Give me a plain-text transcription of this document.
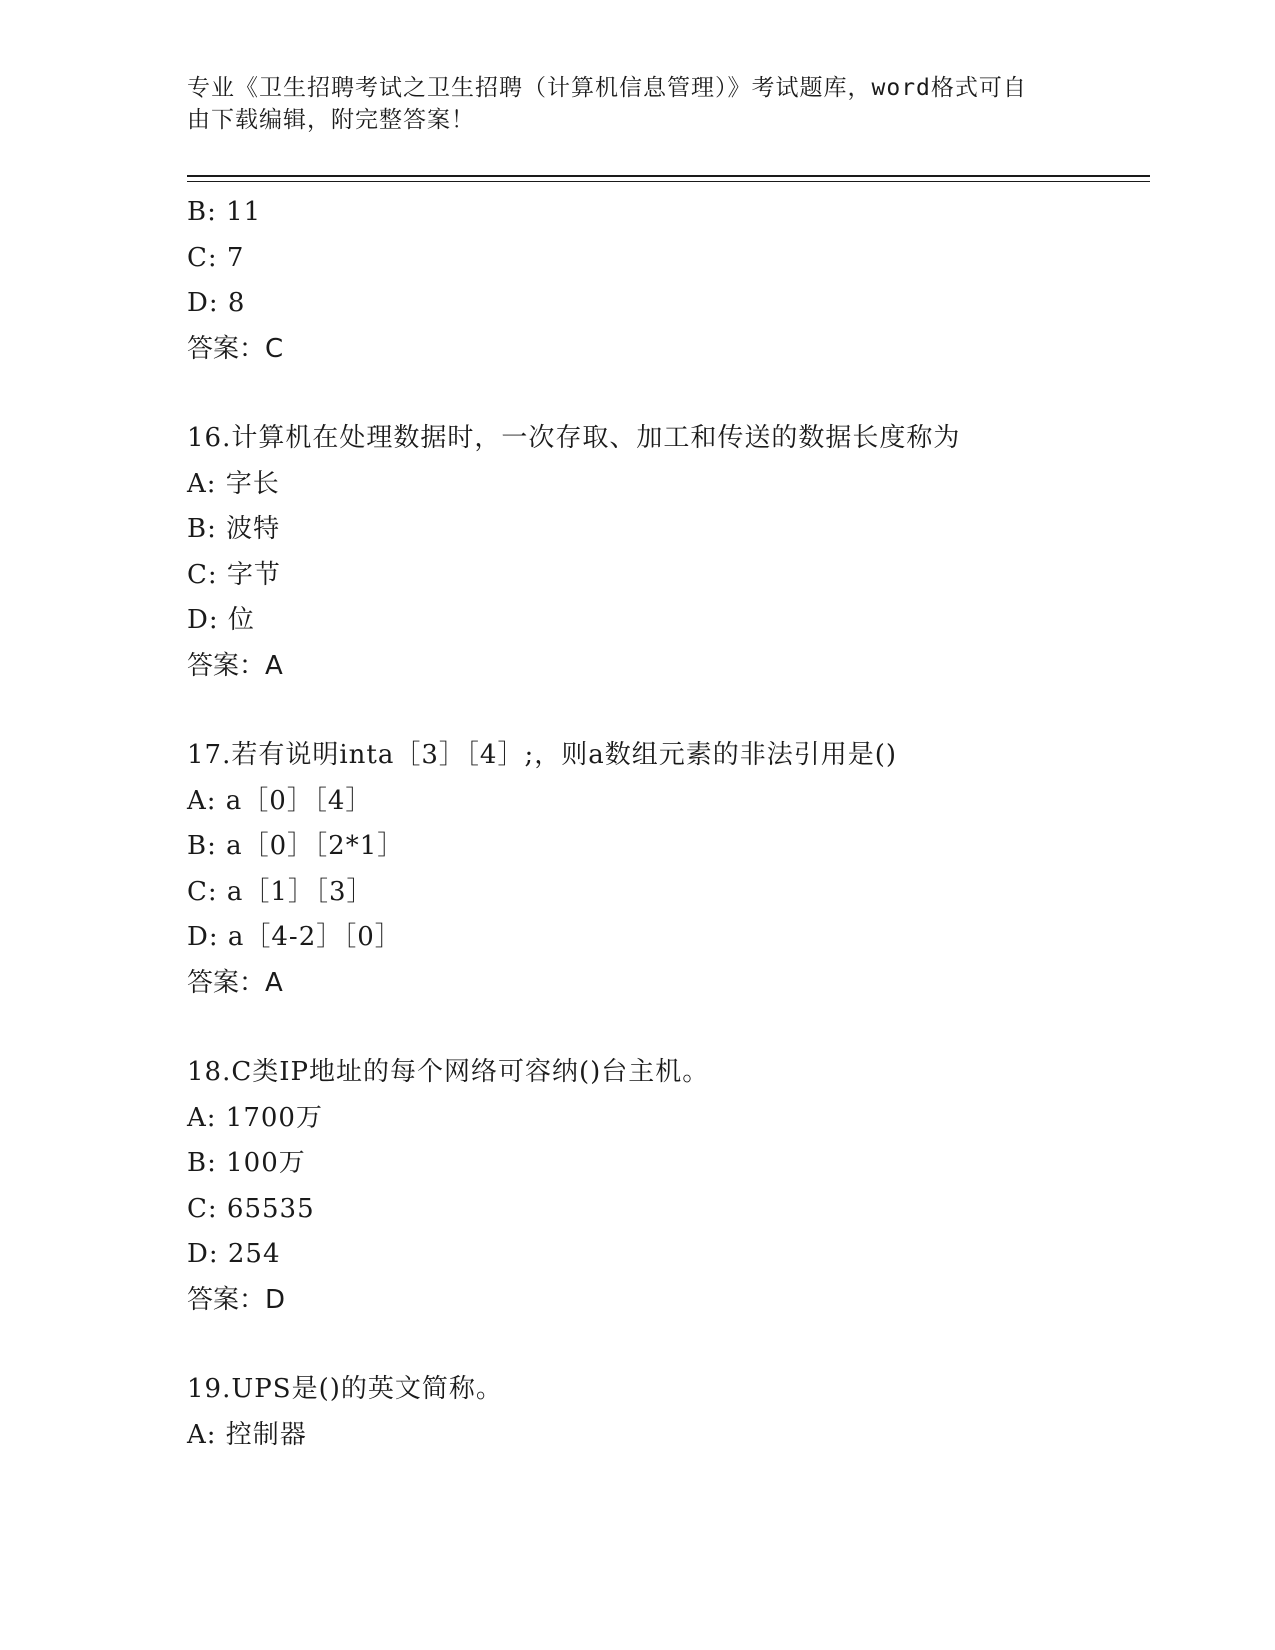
专业《卫生招聘考试之卫生招聘（计算机信息管理）》考试题库，word格式可自
由下载编辑，附完整答案！
B: 11
C: 7
D: 8
答案：C
16.计算机在处理数据时，一次存取、加工和传送的数据长度称为
A: 字长
B: 波特
C: 字节
D: 位
答案：A
17.若有说明inta［3］［4］;，则a数组元素的非法引用是()
A: a［0］［4］
B: a［0］［2*1］
C: a［1］［3］
D: a［4-2］［0］
答案：A
18.C类IP地址的每个网络可容纳()台主机。
A: 1700万
B: 100万
C: 65535
D: 254
答案：D
19.UPS是()的英文简称。
A: 控制器
